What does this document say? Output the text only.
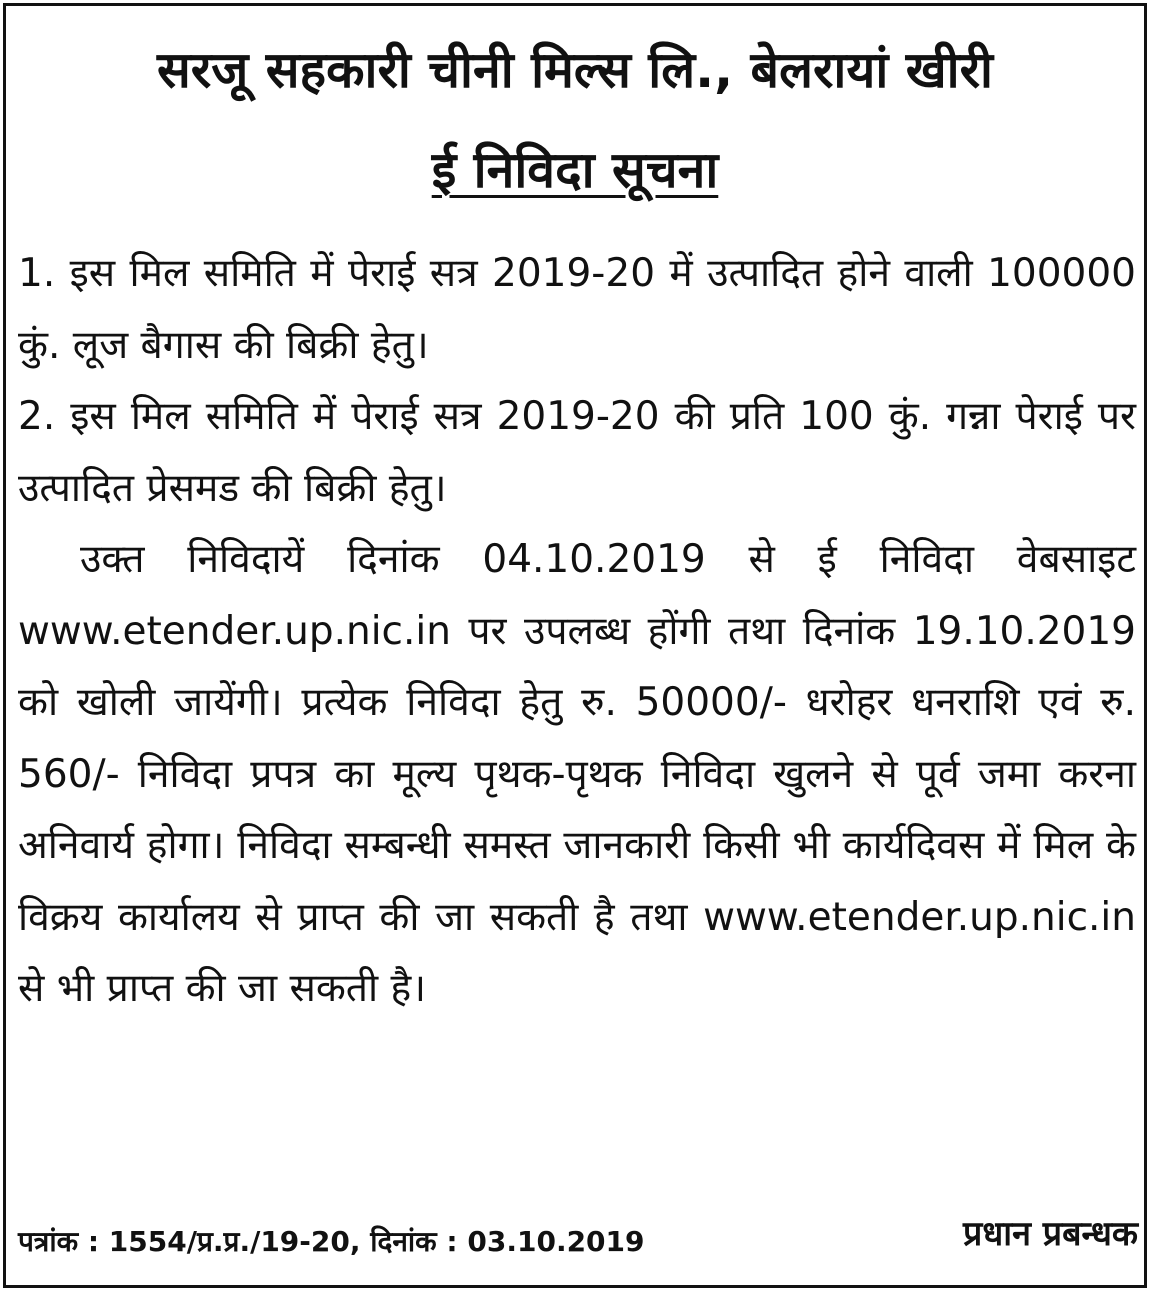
सरजू सहकारी चीनी मिल्स लि., बेलरायां खीरी
ई निविदा सूचना

1. इस मिल समिति में पेराई सत्र 2019-20 में उत्पादित होने वाली 100000 कुं. लूज बैगास की बिक्री हेतु।

2. इस मिल समिति में पेराई सत्र 2019-20 की प्रति 100 कुं. गन्ना पेराई पर उत्पादित प्रेसमड की बिक्री हेतु।

उक्त निविदायें दिनांक 04.10.2019 से ई निविदा वेबसाइट www.etender.up.nic.in पर उपलब्ध होंगी तथा दिनांक 19.10.2019 को खोली जायेंगी। प्रत्येक निविदा हेतु रु. 50000/- धरोहर धनराशि एवं रु. 560/- निविदा प्रपत्र का मूल्य पृथक-पृथक निविदा खुलने से पूर्व जमा करना अनिवार्य होगा। निविदा सम्बन्धी समस्त जानकारी किसी भी कार्यदिवस में मिल के विक्रय कार्यालय से प्राप्त की जा सकती है तथा www.etender.up.nic.in से भी प्राप्त की जा सकती है।

पत्रांक : 1554/प्र.प्र./19-20, दिनांक : 03.10.2019	प्रधान प्रबन्धक
